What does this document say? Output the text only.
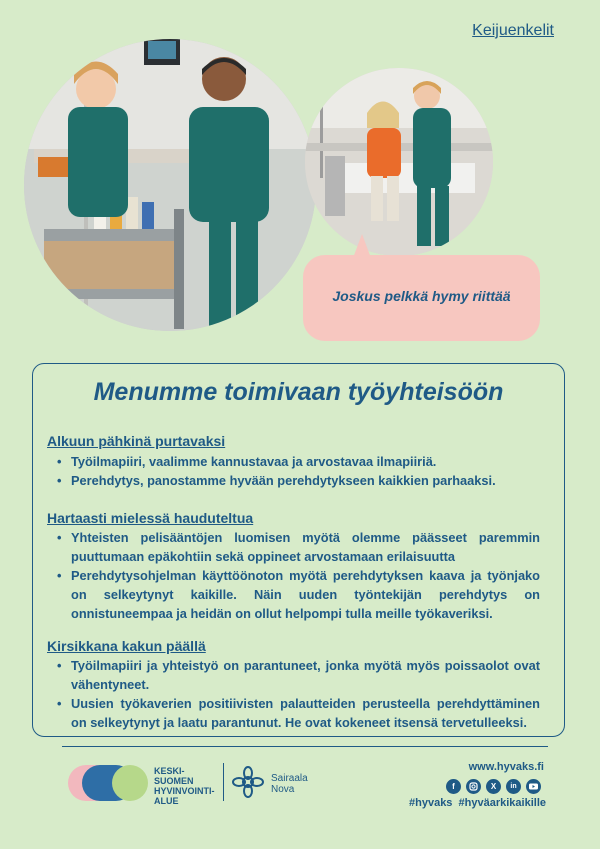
Keijuenkelit
Joskus pelkkä hymy riittää
Menumme toimivaan työyhteisöön
Alkuun pähkinä purtavaksi
• Työilmapiiri, vaalimme kannustavaa ja arvostavaa ilmapiiriä.
• Perehdytys, panostamme hyvään perehdytykseen kaikkien parhaaksi.
Hartaasti mielessä hauduteltua
• Yhteisten pelisääntöjen luomisen myötä olemme päässeet paremmin puuttumaan epäkohtiin sekä oppineet arvostamaan erilaisuutta
• Perehdytysohjelman käyttöönoton myötä perehdytyksen kaava ja työnjako on selkeytynyt kaikille. Näin uuden työntekijän perehdytys on onnistuneempaa ja heidän on ollut helpompi tulla meille työkaveriksi.
Kirsikkana kakun päällä
• Työilmapiiri ja yhteistyö on parantuneet, jonka myötä myös poissaolot ovat vähentyneet.
• Uusien työkaverien positiivisten palautteiden perusteella perehdyttäminen on selkeytynyt ja laatu parantunut. He ovat kokeneet itsensä tervetulleeksi.
KESKI-
SUOMEN
HYVINVOINTI-
ALUE
Sairaala
Nova
www.hyvaks.fi
f	X	in
#hyvaks  #hyväarkikaikille
